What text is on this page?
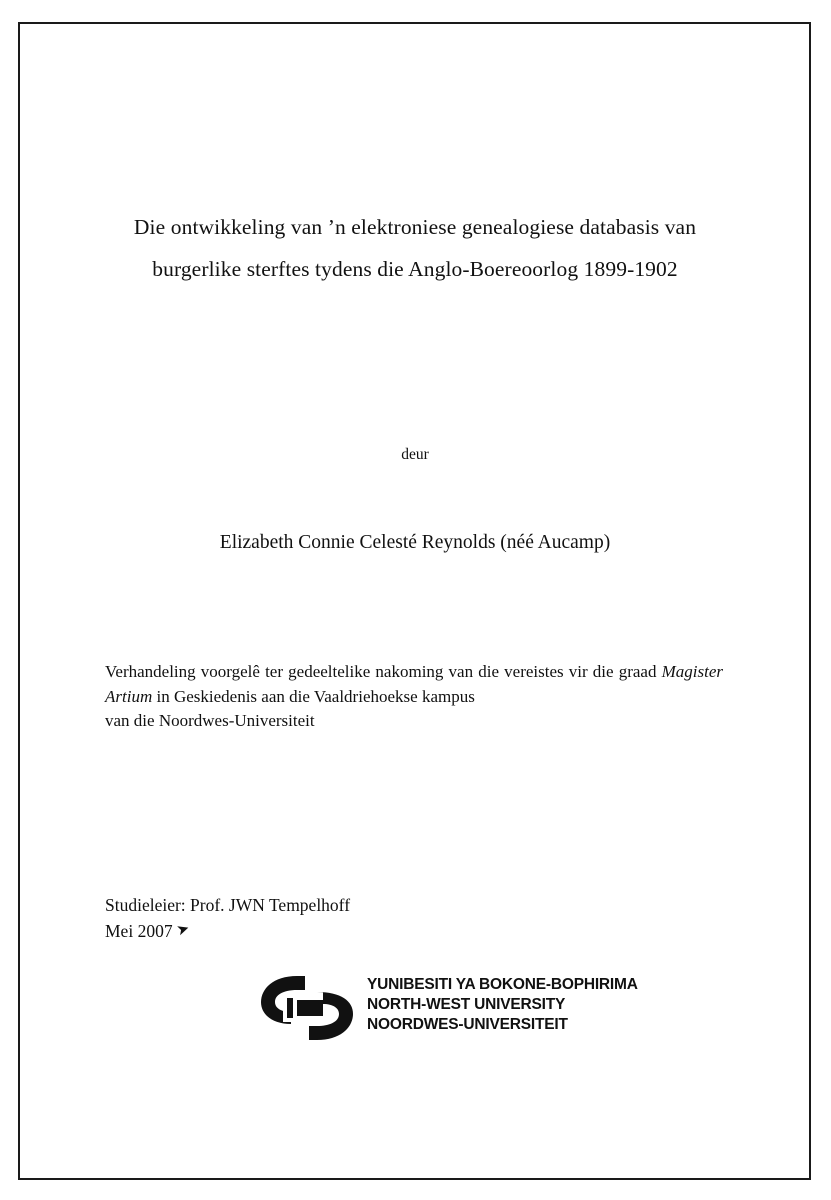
Die ontwikkeling van ’n elektroniese genealogiese databasis van
burgerlike sterftes tydens die Anglo-Boereoorlog 1899-1902
deur
Elizabeth Connie Celesté Reynolds (néé Aucamp)
Verhandeling voorgelê ter gedeeltelike nakoming van die vereistes vir die graad Magister Artium in Geskiedenis aan die Vaaldriehoekse kampus
van die Noordwes-Universiteit
Studieleier: Prof. JWN Tempelhoff
Mei 2007 ➤
YUNIBESITI YA BOKONE-BOPHIRIMA
NORTH-WEST UNIVERSITY
NOORDWES-UNIVERSITEIT
